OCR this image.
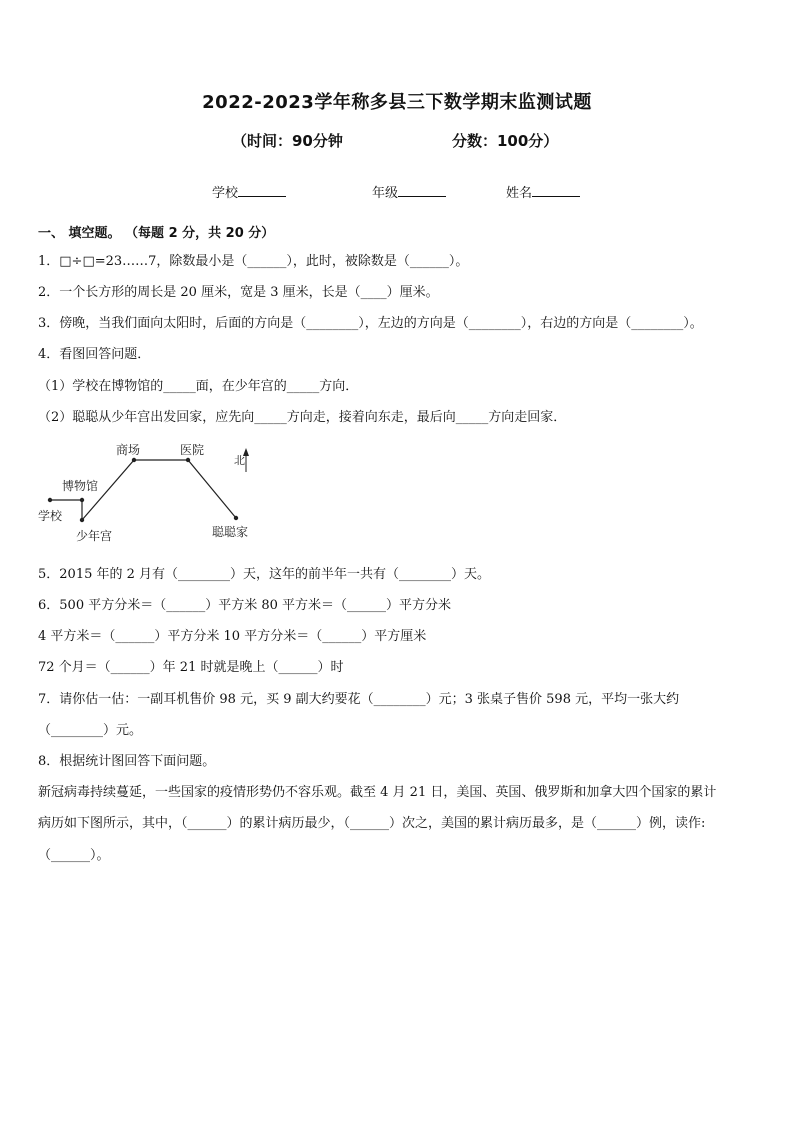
2022-2023学年称多县三下数学期末监测试题
（时间：90分钟	分数：100分）
学校	年级	姓名
一、 填空题。 （每题 2 分，共 20 分）
1．□÷□=23……7，除数最小是（______），此时，被除数是（______）。
2．一个长方形的周长是 20 厘米，宽是 3 厘米，长是（____）厘米。
3．傍晚，当我们面向太阳时，后面的方向是（________），左边的方向是（________），右边的方向是（________）。
4．看图回答问题．
（1）学校在博物馆的_____面，在少年宫的_____方向．
（2）聪聪从少年宫出发回家，应先向_____方向走，接着向东走，最后向_____方向走回家．
学校
博物馆
少年宫
商场	医院
聪聪家
北
5．2015 年的 2 月有（________）天，这年的前半年一共有（________）天。
6．500 平方分米＝（______）平方米 80 平方米＝（______）平方分米
4 平方米＝（______）平方分米 10 平方分米＝（______）平方厘米
72 个月＝（______）年 21 时就是晚上（______）时
7．请你估一估：一副耳机售价 98 元，买 9 副大约要花（________）元；3 张桌子售价 598 元，平均一张大约
（________）元。
8．根据统计图回答下面问题。
新冠病毒持续蔓延，一些国家的疫情形势仍不容乐观。截至 4 月 21 日，美国、英国、俄罗斯和加拿大四个国家的累计
病历如下图所示，其中，（______）的累计病历最少，（______）次之，美国的累计病历最多，是（______）例，读作:
（______）。
